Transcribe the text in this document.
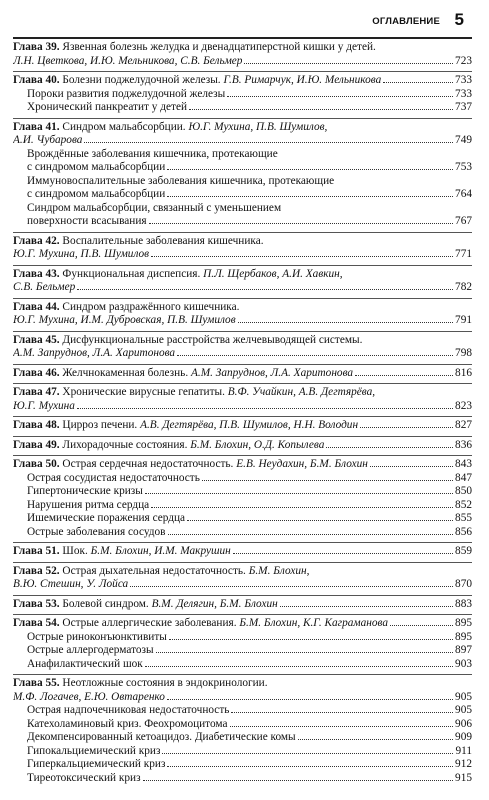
ОГЛАВЛЕНИЕ 5
Глава 39. Язвенная болезнь желудка и двенадцатиперстной кишки у детей.
Л.Н. Цветкова, И.Ю. Мельникова, С.В. Бельмер	723
Глава 40. Болезни поджелудочной железы. Г.В. Римарчук, И.Ю. Мельникова	733
Пороки развития поджелудочной железы	733
Хронический панкреатит у детей	737
Глава 41. Синдром мальабсорбции. Ю.Г. Мухина, П.В. Шумилов,
А.И. Чубарова	749
Врождённые заболевания кишечника, протекающие
с синдромом мальабсорбции	753
Иммуновоспалительные заболевания кишечника, протекающие
с синдромом мальабсорбции	764
Синдром мальабсорбции, связанный с уменьшением
поверхности всасывания	767
Глава 42. Воспалительные заболевания кишечника.
Ю.Г. Мухина, П.В. Шумилов	771
Глава 43. Функциональная диспепсия. П.Л. Щербаков, А.И. Хавкин,
С.В. Бельмер	782
Глава 44. Синдром раздражённого кишечника.
Ю.Г. Мухина, И.М. Дубровская, П.В. Шумилов	791
Глава 45. Дисфункциональные расстройства желчевыводящей системы.
А.М. Запруднов, Л.А. Харитонова	798
Глава 46. Желчнокаменная болезнь. А.М. Запруднов, Л.А. Харитонова	816
Глава 47. Хронические вирусные гепатиты. В.Ф. Учайкин, А.В. Дегтярёва,
Ю.Г. Мухина	823
Глава 48. Цирроз печени. А.В. Дегтярёва, П.В. Шумилов, Н.Н. Володин	827
Глава 49. Лихорадочные состояния. Б.М. Блохин, О.Д. Копылева	836
Глава 50. Острая сердечная недостаточность. Е.В. Неудахин, Б.М. Блохин	843
Острая сосудистая недостаточность	847
Гипертонические кризы	850
Нарушения ритма сердца	852
Ишемические поражения сердца	855
Острые заболевания сосудов	856
Глава 51. Шок. Б.М. Блохин, И.М. Макрушин	859
Глава 52. Острая дыхательная недостаточность. Б.М. Блохин,
В.Ю. Стешин, У. Лойса	870
Глава 53. Болевой синдром. В.М. Делягин, Б.М. Блохин	883
Глава 54. Острые аллергические заболевания. Б.М. Блохин, К.Г. Каграманова	895
Острые риноконъюнктивиты	895
Острые аллергодерматозы	897
Анафилактический шок	903
Глава 55. Неотложные состояния в эндокринологии.
М.Ф. Логачев, Е.Ю. Овтаренко	905
Острая надпочечниковая недостаточность	905
Катехоламиновый криз. Феохромоцитома	906
Декомпенсированный кетоацидоз. Диабетические комы	909
Гипокальциемический криз	911
Гиперкальциемический криз	912
Тиреотоксический криз	915
